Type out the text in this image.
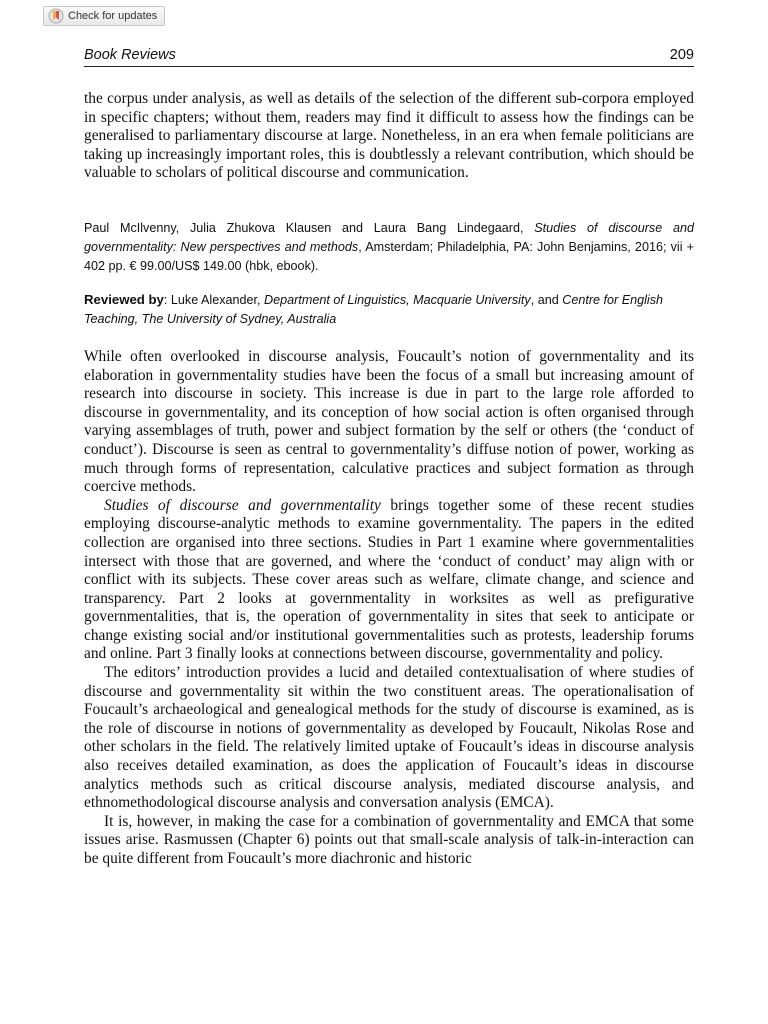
Check for updates
Book Reviews	209

the corpus under analysis, as well as details of the selection of the different sub-corpora employed in specific chapters; without them, readers may find it difficult to assess how the findings can be generalised to parliamentary discourse at large. Nonetheless, in an era when female politicians are taking up increasingly important roles, this is doubtlessly a relevant contribution, which should be valuable to scholars of political discourse and communication.

Paul McIlvenny, Julia Zhukova Klausen and Laura Bang Lindegaard, Studies of discourse and governmentality: New perspectives and methods, Amsterdam; Philadelphia, PA: John Benjamins, 2016; vii + 402 pp. € 99.00/US$ 149.00 (hbk, ebook).

Reviewed by: Luke Alexander, Department of Linguistics, Macquarie University, and Centre for English Teaching, The University of Sydney, Australia

While often overlooked in discourse analysis, Foucault’s notion of governmentality and its elaboration in governmentality studies have been the focus of a small but increasing amount of research into discourse in society. This increase is due in part to the large role afforded to discourse in governmentality, and its conception of how social action is often organised through varying assemblages of truth, power and subject formation by the self or others (the ‘conduct of conduct’). Discourse is seen as central to governmentality’s diffuse notion of power, working as much through forms of representation, calculative practices and subject formation as through coercive methods.

Studies of discourse and governmentality brings together some of these recent studies employing discourse-analytic methods to examine governmentality. The papers in the edited collection are organised into three sections. Studies in Part 1 examine where governmentalities intersect with those that are governed, and where the ‘conduct of conduct’ may align with or conflict with its subjects. These cover areas such as welfare, climate change, and science and transparency. Part 2 looks at governmentality in worksites as well as prefigurative governmentalities, that is, the operation of governmentality in sites that seek to anticipate or change existing social and/or institutional governmentalities such as protests, leadership forums and online. Part 3 finally looks at connections between discourse, governmentality and policy.

The editors’ introduction provides a lucid and detailed contextualisation of where studies of discourse and governmentality sit within the two constituent areas. The operationalisation of Foucault’s archaeological and genealogical methods for the study of discourse is examined, as is the role of discourse in notions of governmentality as developed by Foucault, Nikolas Rose and other scholars in the field. The relatively limited uptake of Foucault’s ideas in discourse analysis also receives detailed examination, as does the application of Foucault’s ideas in discourse analytics methods such as critical discourse analysis, mediated discourse analysis, and ethnomethodological discourse analysis and conversation analysis (EMCA).

It is, however, in making the case for a combination of governmentality and EMCA that some issues arise. Rasmussen (Chapter 6) points out that small-scale analysis of talk-in-interaction can be quite different from Foucault’s more diachronic and historic
